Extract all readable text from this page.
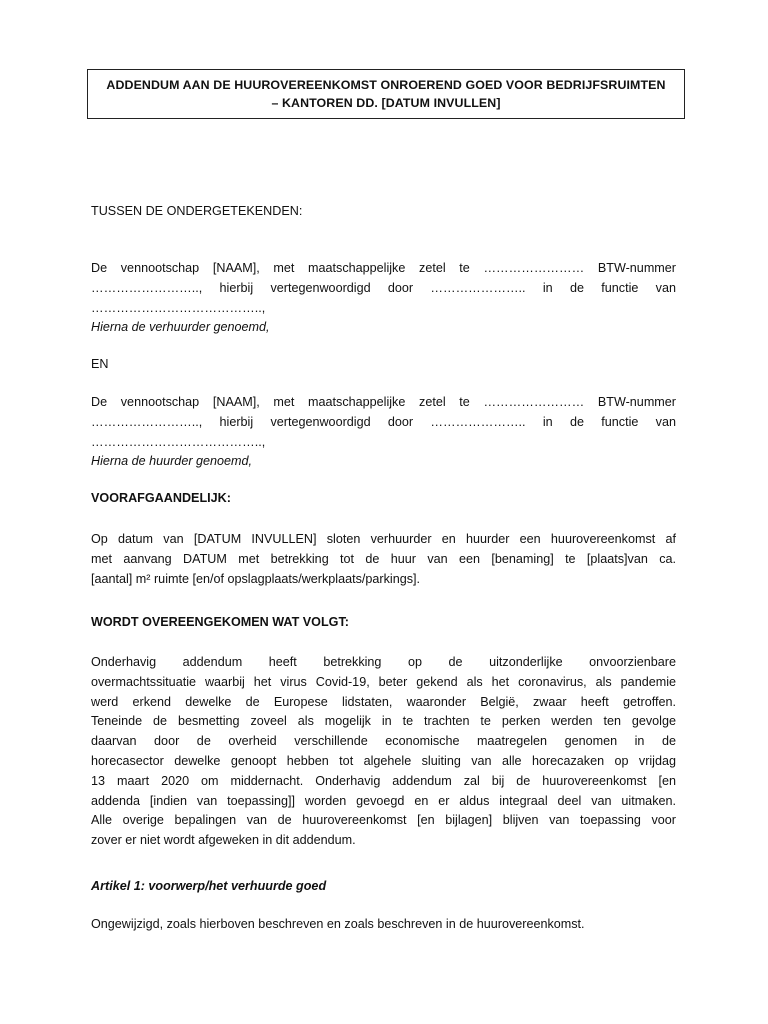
ADDENDUM AAN DE HUUROVEREENKOMST ONROEREND GOED VOOR BEDRIJFSRUIMTEN
– KANTOREN DD. [DATUM INVULLEN]

TUSSEN DE ONDERGETEKENDEN:

De vennootschap [NAAM], met maatschappelijke zetel te …………………… BTW-nummer
…………………….., hierbij vertegenwoordigd door ………………….. in de functie van
…………………………………..,
Hierna de verhuurder genoemd,

EN

De vennootschap [NAAM], met maatschappelijke zetel te …………………… BTW-nummer
…………………….., hierbij vertegenwoordigd door ………………….. in de functie van
…………………………………..,
Hierna de huurder genoemd,

VOORAFGAANDELIJK:

Op datum van [DATUM INVULLEN] sloten verhuurder en huurder een huurovereenkomst af
met aanvang DATUM met betrekking tot de huur van een [benaming] te [plaats]van ca.
[aantal] m² ruimte [en/of opslagplaats/werkplaats/parkings].

WORDT OVEREENGEKOMEN WAT VOLGT:

Onderhavig addendum heeft betrekking op de uitzonderlijke onvoorzienbare
overmachtssituatie waarbij het virus Covid-19, beter gekend als het coronavirus, als pandemie
werd erkend dewelke de Europese lidstaten, waaronder België, zwaar heeft getroffen.
Teneinde de besmetting zoveel als mogelijk in te trachten te perken werden ten gevolge
daarvan door de overheid verschillende economische maatregelen genomen in de
horecasector dewelke genoopt hebben tot algehele sluiting van alle horecazaken op vrijdag
13 maart 2020 om middernacht. Onderhavig addendum zal bij de huurovereenkomst [en
addenda [indien van toepassing]] worden gevoegd en er aldus integraal deel van uitmaken.
Alle overige bepalingen van de huurovereenkomst [en bijlagen] blijven van toepassing voor
zover er niet wordt afgeweken in dit addendum.

Artikel 1: voorwerp/het verhuurde goed

Ongewijzigd, zoals hierboven beschreven en zoals beschreven in de huurovereenkomst.
